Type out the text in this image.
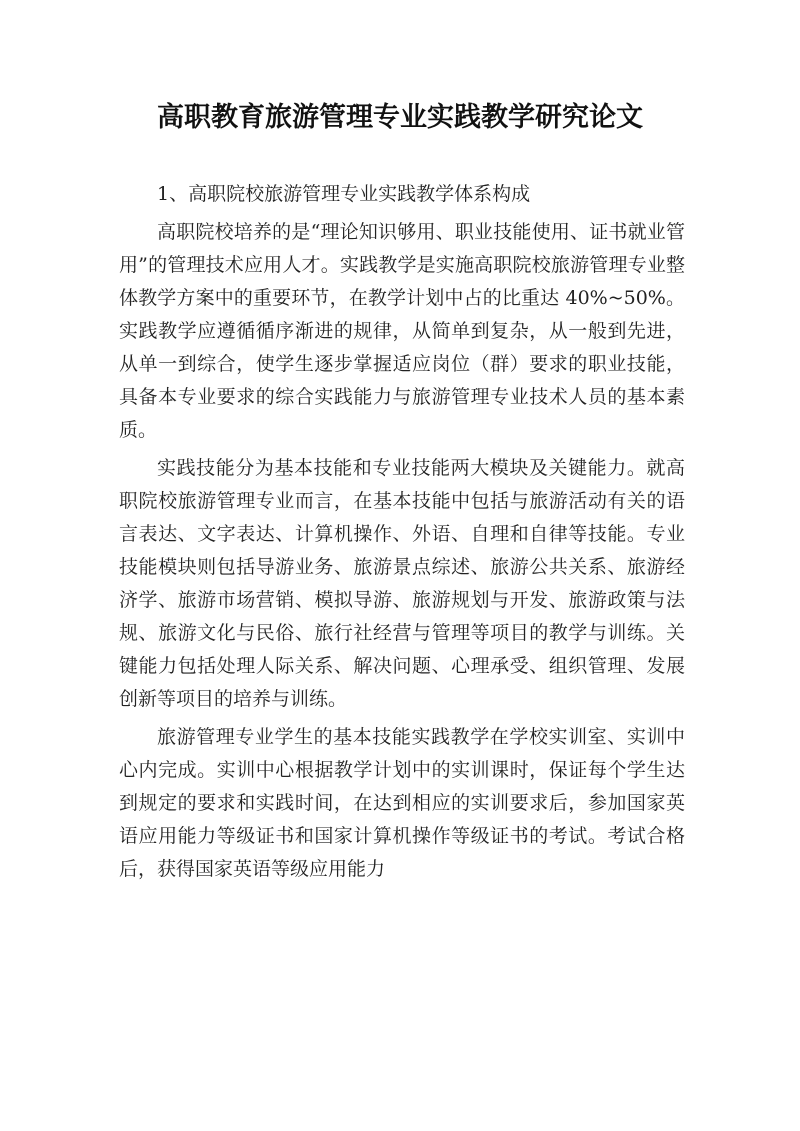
高职教育旅游管理专业实践教学研究论文

1、高职院校旅游管理专业实践教学体系构成

高职院校培养的是“理论知识够用、职业技能使用、证书就业管用”的管理技术应用人才。实践教学是实施高职院校旅游管理专业整体教学方案中的重要环节，在教学计划中占的比重达 40%~50%。实践教学应遵循循序渐进的规律，从简单到复杂，从一般到先进，从单一到综合，使学生逐步掌握适应岗位（群）要求的职业技能，具备本专业要求的综合实践能力与旅游管理专业技术人员的基本素质。

实践技能分为基本技能和专业技能两大模块及关键能力。就高职院校旅游管理专业而言，在基本技能中包括与旅游活动有关的语言表达、文字表达、计算机操作、外语、自理和自律等技能。专业技能模块则包括导游业务、旅游景点综述、旅游公共关系、旅游经济学、旅游市场营销、模拟导游、旅游规划与开发、旅游政策与法规、旅游文化与民俗、旅行社经营与管理等项目的教学与训练。关键能力包括处理人际关系、解决问题、心理承受、组织管理、发展创新等项目的培养与训练。

旅游管理专业学生的基本技能实践教学在学校实训室、实训中心内完成。实训中心根据教学计划中的实训课时，保证每个学生达到规定的要求和实践时间，在达到相应的实训要求后，参加国家英语应用能力等级证书和国家计算机操作等级证书的考试。考试合格后，获得国家英语等级应用能力
